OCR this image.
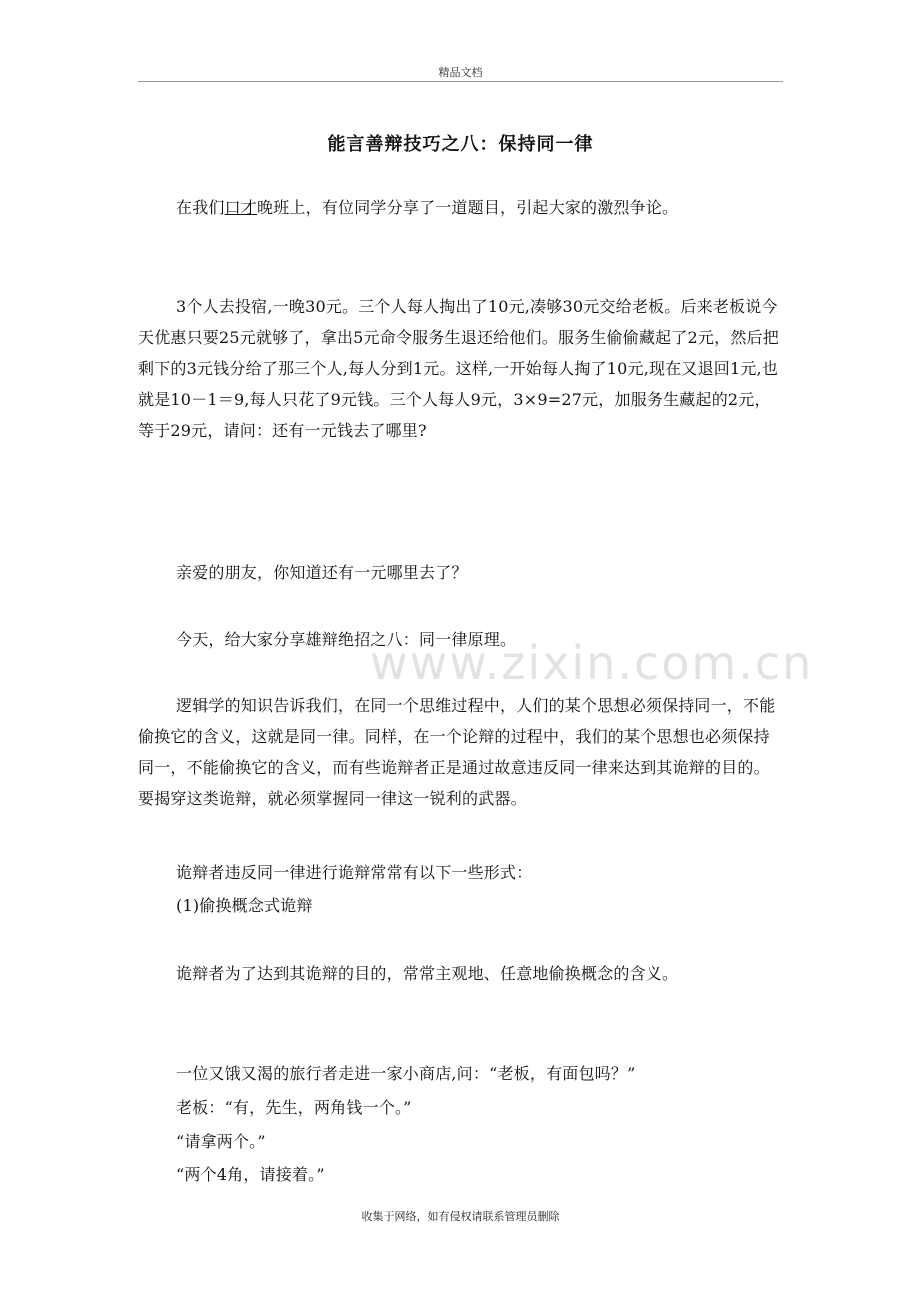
精品文档
www.zixin.com.cn
能言善辩技巧之八：保持同一律

在我们口才晚班上，有位同学分享了一道题目，引起大家的激烈争论。

3个人去投宿,一晚30元。三个人每人掏出了10元,凑够30元交给老板。后来老板说今天优惠只要25元就够了，拿出5元命令服务生退还给他们。服务生偷偷藏起了2元，然后把剩下的3元钱分给了那三个人,每人分到1元。这样,一开始每人掏了10元,现在又退回1元,也就是10－1＝9,每人只花了9元钱。三个人每人9元，3×9=27元，加服务生藏起的2元，等于29元，请问：还有一元钱去了哪里?

亲爱的朋友，你知道还有一元哪里去了？

今天，给大家分享雄辩绝招之八：同一律原理。

逻辑学的知识告诉我们，在同一个思维过程中，人们的某个思想必须保持同一，不能偷换它的含义，这就是同一律。同样，在一个论辩的过程中，我们的某个思想也必须保持同一，不能偷换它的含义，而有些诡辩者正是通过故意违反同一律来达到其诡辩的目的。要揭穿这类诡辩，就必须掌握同一律这一锐利的武器。

诡辩者违反同一律进行诡辩常常有以下一些形式：

(1)偷换概念式诡辩

诡辩者为了达到其诡辩的目的，常常主观地、任意地偷换概念的含义。

一位又饿又渴的旅行者走进一家小商店,问：“老板，有面包吗？”

老板：“有，先生，两角钱一个。”

“请拿两个。”

“两个4角，请接着。”

收集于网络，如有侵权请联系管理员删除
